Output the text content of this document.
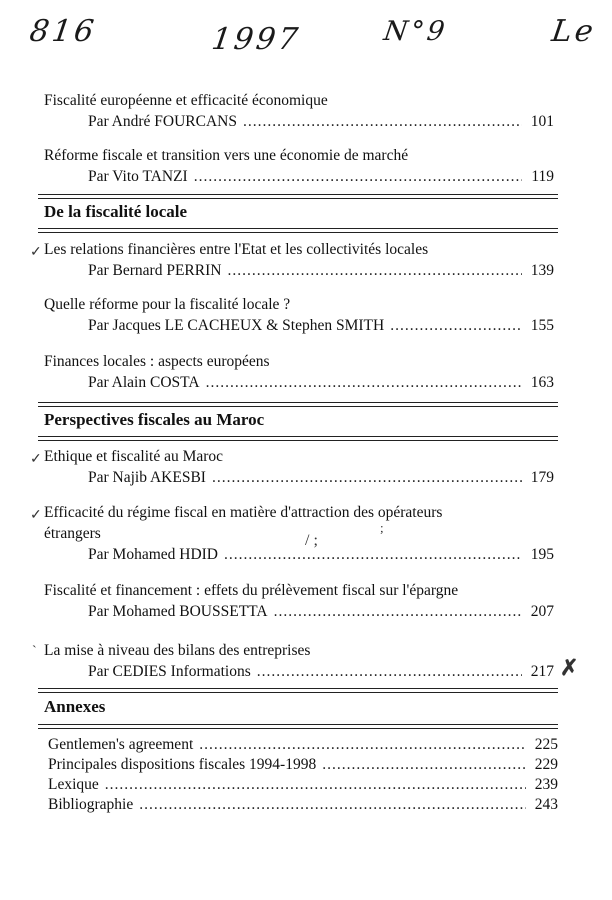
816	1997	N°9	Le
Fiscalité européenne et efficacité économique
Par André FOURCANS .....	101
Réforme fiscale et transition vers une économie de marché
Par Vito TANZI .....	119
De la fiscalité locale
✓ Les relations financières entre l'Etat et les collectivités locales
Par Bernard PERRIN .....	139
Quelle réforme pour la fiscalité locale ?
Par Jacques LE CACHEUX & Stephen SMITH .....	155
Finances locales : aspects européens
Par Alain COSTA .....	163
Perspectives fiscales au Maroc
✓ Ethique et fiscalité au Maroc
Par Najib AKESBI .....	179
✓ Efficacité du régime fiscal en matière d'attraction des opérateurs
étrangers
Par Mohamed HDID .....	195
/ ;
;
Fiscalité et financement : effets du prélèvement fiscal sur l'épargne
Par Mohamed BOUSSETTA .....	207
` La mise à niveau des bilans des entreprises
Par CEDIES Informations .....	217 ✗
Annexes
Gentlemen's agreement .....	225
Principales dispositions fiscales 1994-1998 .....	229
Lexique .....	239
Bibliographie .....	243
